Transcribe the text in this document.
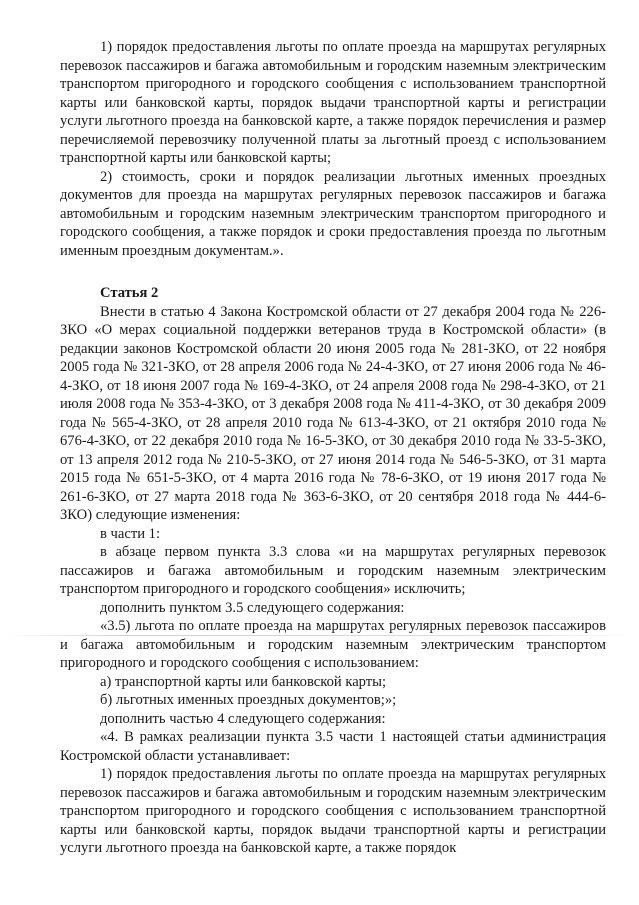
1) порядок предоставления льготы по оплате проезда на маршрутах регулярных перевозок пассажиров и багажа автомобильным и городским наземным электрическим транспортом пригородного и городского сообщения с использованием транспортной карты или банковской карты, порядок выдачи транспортной карты и регистрации услуги льготного проезда на банковской карте, а также порядок перечисления и размер перечисляемой перевозчику полученной платы за льготный проезд с использованием транспортной карты или банковской карты;

2) стоимость, сроки и порядок реализации льготных именных проездных документов для проезда на маршрутах регулярных перевозок пассажиров и багажа автомобильным и городским наземным электрическим транспортом пригородного и городского сообщения, а также порядок и сроки предоставления проезда по льготным именным проездным документам.».

Статья 2

Внести в статью 4 Закона Костромской области от 27 декабря 2004 года № 226-ЗКО «О мерах социальной поддержки ветеранов труда в Костромской области» (в редакции законов Костромской области 20 июня 2005 года № 281-ЗКО, от 22 ноября 2005 года № 321-ЗКО, от 28 апреля 2006 года № 24-4-ЗКО, от 27 июня 2006 года № 46-4-ЗКО, от 18 июня 2007 года № 169-4-ЗКО, от 24 апреля 2008 года № 298-4-ЗКО, от 21 июля 2008 года № 353-4-ЗКО, от 3 декабря 2008 года № 411-4-ЗКО, от 30 декабря 2009 года № 565-4-ЗКО, от 28 апреля 2010 года № 613-4-ЗКО, от 21 октября 2010 года № 676-4-ЗКО, от 22 декабря 2010 года № 16-5-ЗКО, от 30 декабря 2010 года № 33-5-ЗКО, от 13 апреля 2012 года № 210-5-ЗКО, от 27 июня 2014 года № 546-5-ЗКО, от 31 марта 2015 года № 651-5-ЗКО, от 4 марта 2016 года № 78-6-ЗКО, от 19 июня 2017 года № 261-6-ЗКО, от 27 марта 2018 года № 363-6-ЗКО, от 20 сентября 2018 года № 444-6-ЗКО) следующие изменения:

в части 1:

в абзаце первом пункта 3.3 слова «и на маршрутах регулярных перевозок пассажиров и багажа автомобильным и городским наземным электрическим транспортом пригородного и городского сообщения» исключить;

дополнить пунктом 3.5 следующего содержания:

«3.5) льгота по оплате проезда на маршрутах регулярных перевозок пассажиров и багажа автомобильным и городским наземным электрическим транспортом пригородного и городского сообщения с использованием:

а) транспортной карты или банковской карты;

б) льготных именных проездных документов;»;

дополнить частью 4 следующего содержания:

«4. В рамках реализации пункта 3.5 части 1 настоящей статьи администрация Костромской области устанавливает:

1) порядок предоставления льготы по оплате проезда на маршрутах регулярных перевозок пассажиров и багажа автомобильным и городским наземным электрическим транспортом пригородного и городского сообщения с использованием транспортной карты или банковской карты, порядок выдачи транспортной карты и регистрации услуги льготного проезда на банковской карте, а также порядок
